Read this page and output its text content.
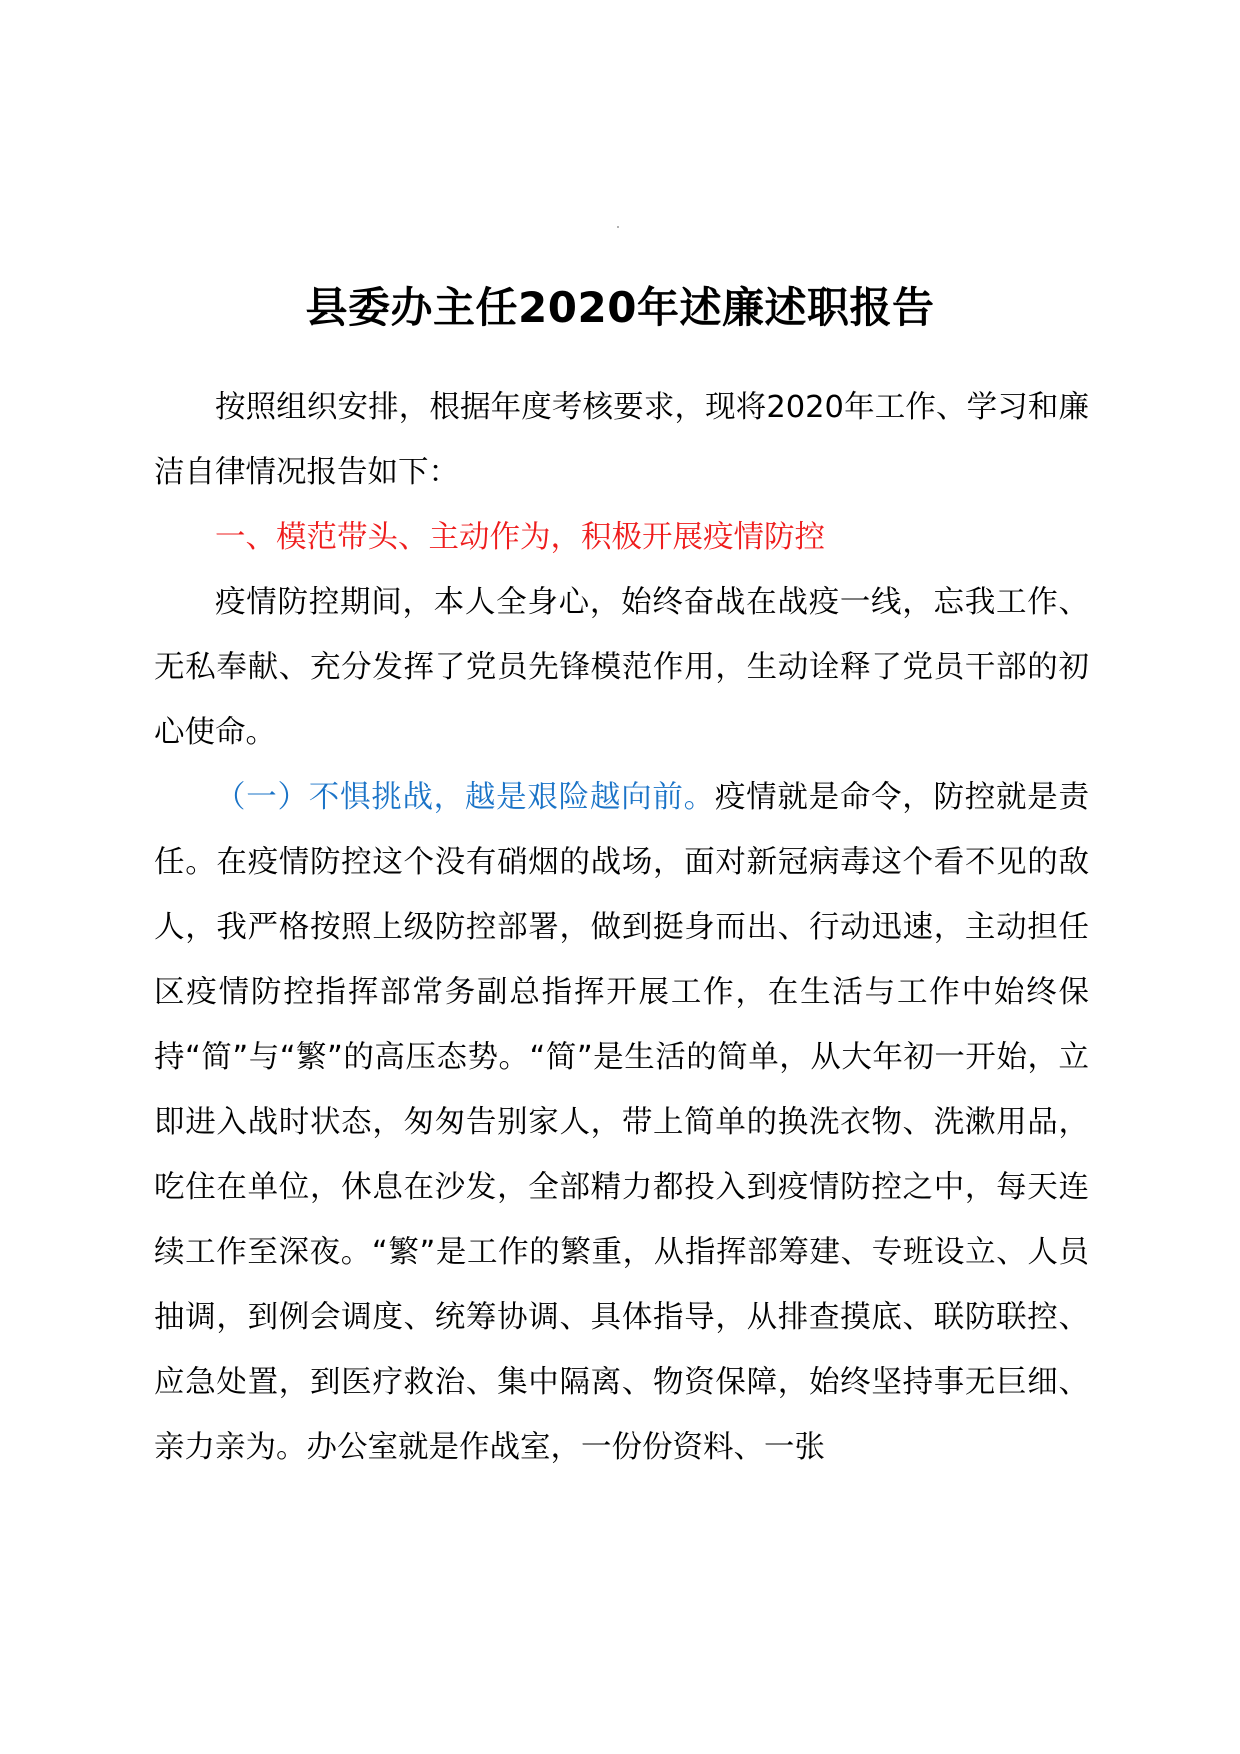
县委办主任2020年述廉述职报告

按照组织安排，根据年度考核要求，现将2020年工作、学习和廉洁自律情况报告如下：

一、模范带头、主动作为，积极开展疫情防控

疫情防控期间，本人全身心，始终奋战在战疫一线，忘我工作、无私奉献、充分发挥了党员先锋模范作用，生动诠释了党员干部的初心使命。

（一）不惧挑战，越是艰险越向前。疫情就是命令，防控就是责任。在疫情防控这个没有硝烟的战场，面对新冠病毒这个看不见的敌人，我严格按照上级防控部署，做到挺身而出、行动迅速，主动担任区疫情防控指挥部常务副总指挥开展工作，在生活与工作中始终保持“简”与“繁”的高压态势。“简”是生活的简单，从大年初一开始，立即进入战时状态，匆匆告别家人，带上简单的换洗衣物、洗漱用品，吃住在单位，休息在沙发，全部精力都投入到疫情防控之中，每天连续工作至深夜。“繁”是工作的繁重，从指挥部筹建、专班设立、人员抽调，到例会调度、统筹协调、具体指导，从排查摸底、联防联控、应急处置，到医疗救治、集中隔离、物资保障，始终坚持事无巨细、亲力亲为。办公室就是作战室，一份份资料、一张
